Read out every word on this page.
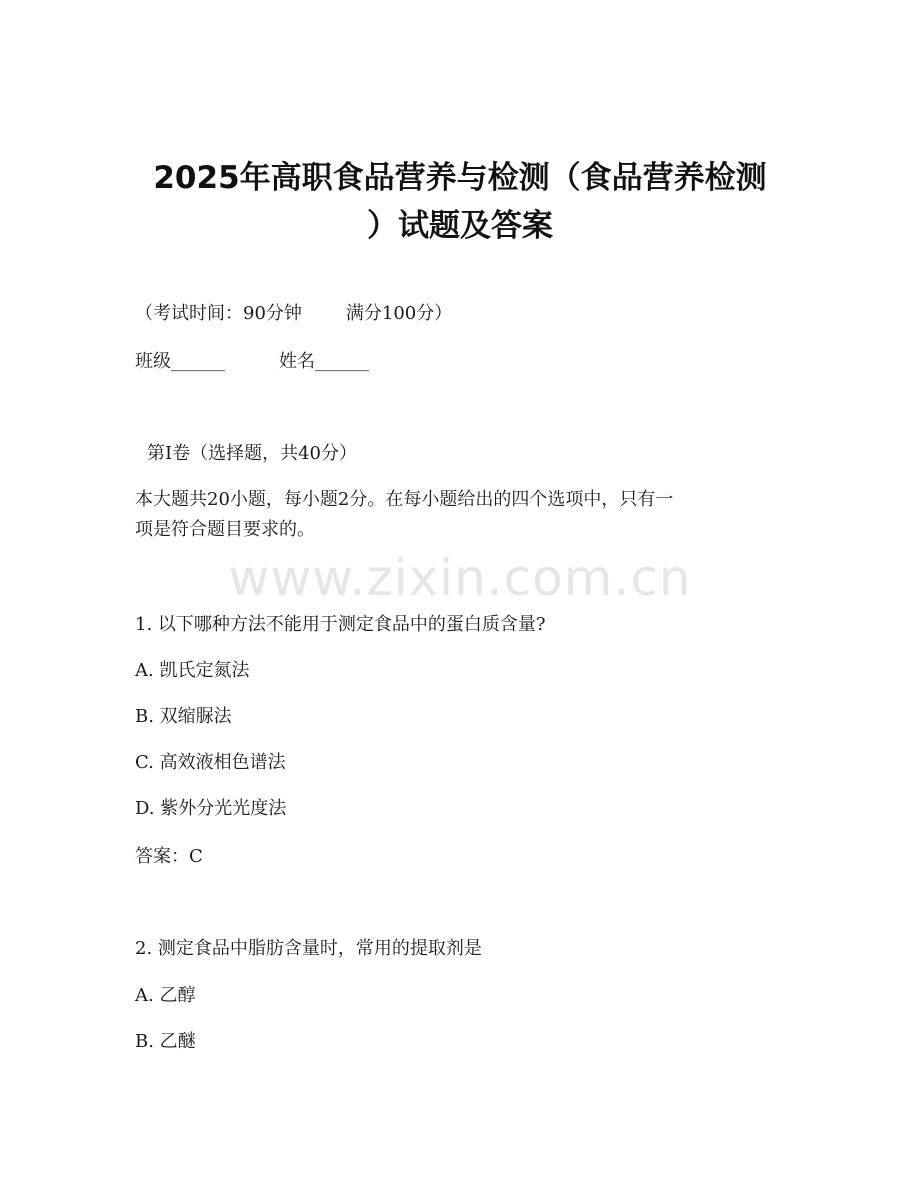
2025年高职食品营养与检测（食品营养检测
）试题及答案
（考试时间：90分钟 满分100分）
班级______	姓名______
第I卷（选择题，共40分）
本大题共20小题，每小题2分。在每小题给出的四个选项中，只有一
项是符合题目要求的。
www.zixin.com.cn
1. 以下哪种方法不能用于测定食品中的蛋白质含量?
A. 凯氏定氮法
B. 双缩脲法
C. 高效液相色谱法
D. 紫外分光光度法
答案：C
2. 测定食品中脂肪含量时，常用的提取剂是
A. 乙醇
B. 乙醚
